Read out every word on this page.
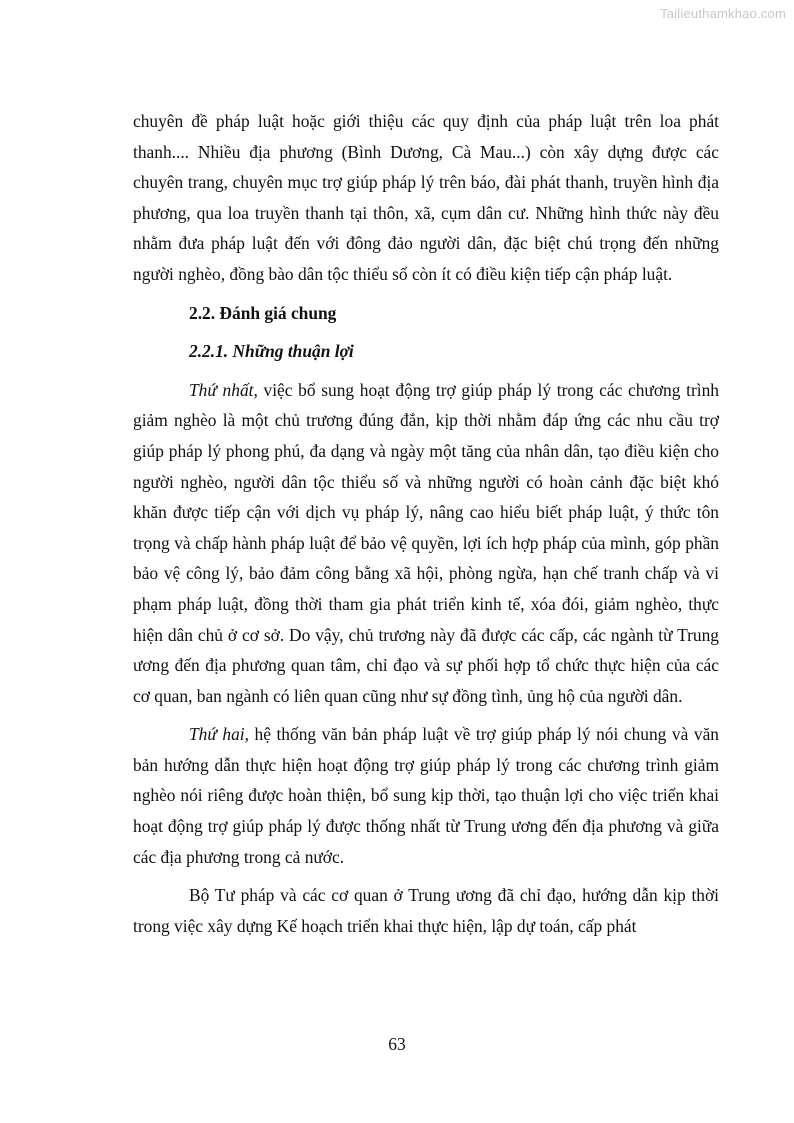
Tailieuthamkhao.com

chuyên đề pháp luật hoặc giới thiệu các quy định của pháp luật trên loa phát thanh.... Nhiều địa phương (Bình Dương, Cà Mau...) còn xây dựng được các chuyên trang, chuyên mục trợ giúp pháp lý trên báo, đài phát thanh, truyền hình địa phương, qua loa truyền thanh tại thôn, xã, cụm dân cư. Những hình thức này đều nhằm đưa pháp luật đến với đông đảo người dân, đặc biệt chú trọng đến những người nghèo, đồng bào dân tộc thiểu số còn ít có điều kiện tiếp cận pháp luật.

2.2. Đánh giá chung
2.2.1. Những thuận lợi

Thứ nhất, việc bổ sung hoạt động trợ giúp pháp lý trong các chương trình giảm nghèo là một chủ trương đúng đắn, kịp thời nhằm đáp ứng các nhu cầu trợ giúp pháp lý phong phú, đa dạng và ngày một tăng của nhân dân, tạo điều kiện cho người nghèo, người dân tộc thiểu số và những người có hoàn cảnh đặc biệt khó khăn được tiếp cận với dịch vụ pháp lý, nâng cao hiểu biết pháp luật, ý thức tôn trọng và chấp hành pháp luật để bảo vệ quyền, lợi ích hợp pháp của mình, góp phần bảo vệ công lý, bảo đảm công bằng xã hội, phòng ngừa, hạn chế tranh chấp và vi phạm pháp luật, đồng thời tham gia phát triển kinh tế, xóa đói, giảm nghèo, thực hiện dân chủ ở cơ sở. Do vậy, chủ trương này đã được các cấp, các ngành từ Trung ương đến địa phương quan tâm, chỉ đạo và sự phối hợp tổ chức thực hiện của các cơ quan, ban ngành có liên quan cũng như sự đồng tình, ủng hộ của người dân.

Thứ hai, hệ thống văn bản pháp luật về trợ giúp pháp lý nói chung và văn bản hướng dẫn thực hiện hoạt động trợ giúp pháp lý trong các chương trình giảm nghèo nói riêng được hoàn thiện, bổ sung kịp thời, tạo thuận lợi cho việc triển khai hoạt động trợ giúp pháp lý được thống nhất từ Trung ương đến địa phương và giữa các địa phương trong cả nước.

Bộ Tư pháp và các cơ quan ở Trung ương đã chỉ đạo, hướng dẫn kịp thời trong việc xây dựng Kế hoạch triển khai thực hiện, lập dự toán, cấp phát

63
